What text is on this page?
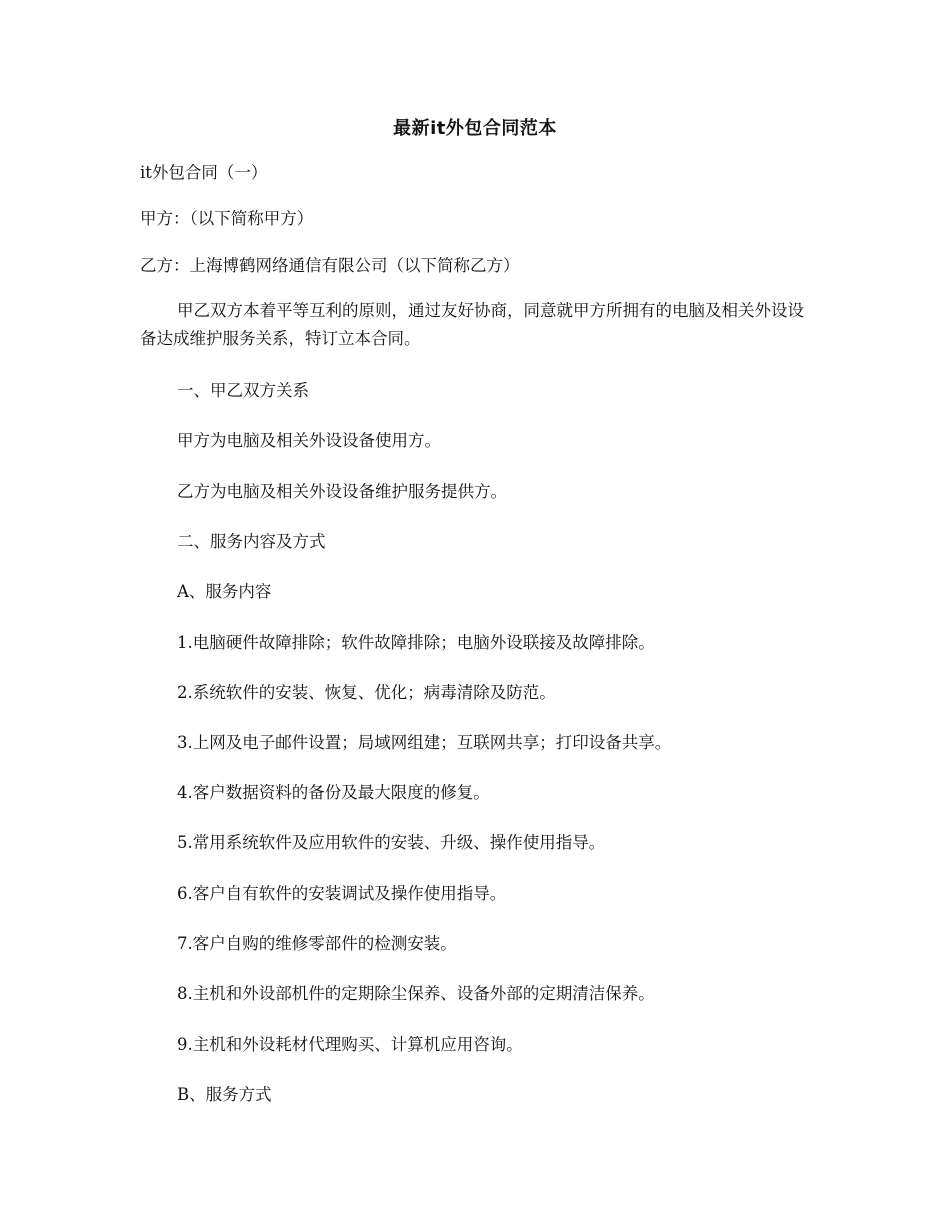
最新it外包合同范本
it外包合同（一）
甲方：（以下简称甲方）
乙方：上海博鹤网络通信有限公司（以下简称乙方）
甲乙双方本着平等互利的原则，通过友好协商，同意就甲方所拥有的电脑及相关外设设备达成维护服务关系，特订立本合同。
一、甲乙双方关系
甲方为电脑及相关外设设备使用方。
乙方为电脑及相关外设设备维护服务提供方。
二、服务内容及方式
A、服务内容
1.电脑硬件故障排除；软件故障排除；电脑外设联接及故障排除。
2.系统软件的安装、恢复、优化；病毒清除及防范。
3.上网及电子邮件设置；局域网组建；互联网共享；打印设备共享。
4.客户数据资料的备份及最大限度的修复。
5.常用系统软件及应用软件的安装、升级、操作使用指导。
6.客户自有软件的安装调试及操作使用指导。
7.客户自购的维修零部件的检测安装。
8.主机和外设部机件的定期除尘保养、设备外部的定期清洁保养。
9.主机和外设耗材代理购买、计算机应用咨询。
B、服务方式
